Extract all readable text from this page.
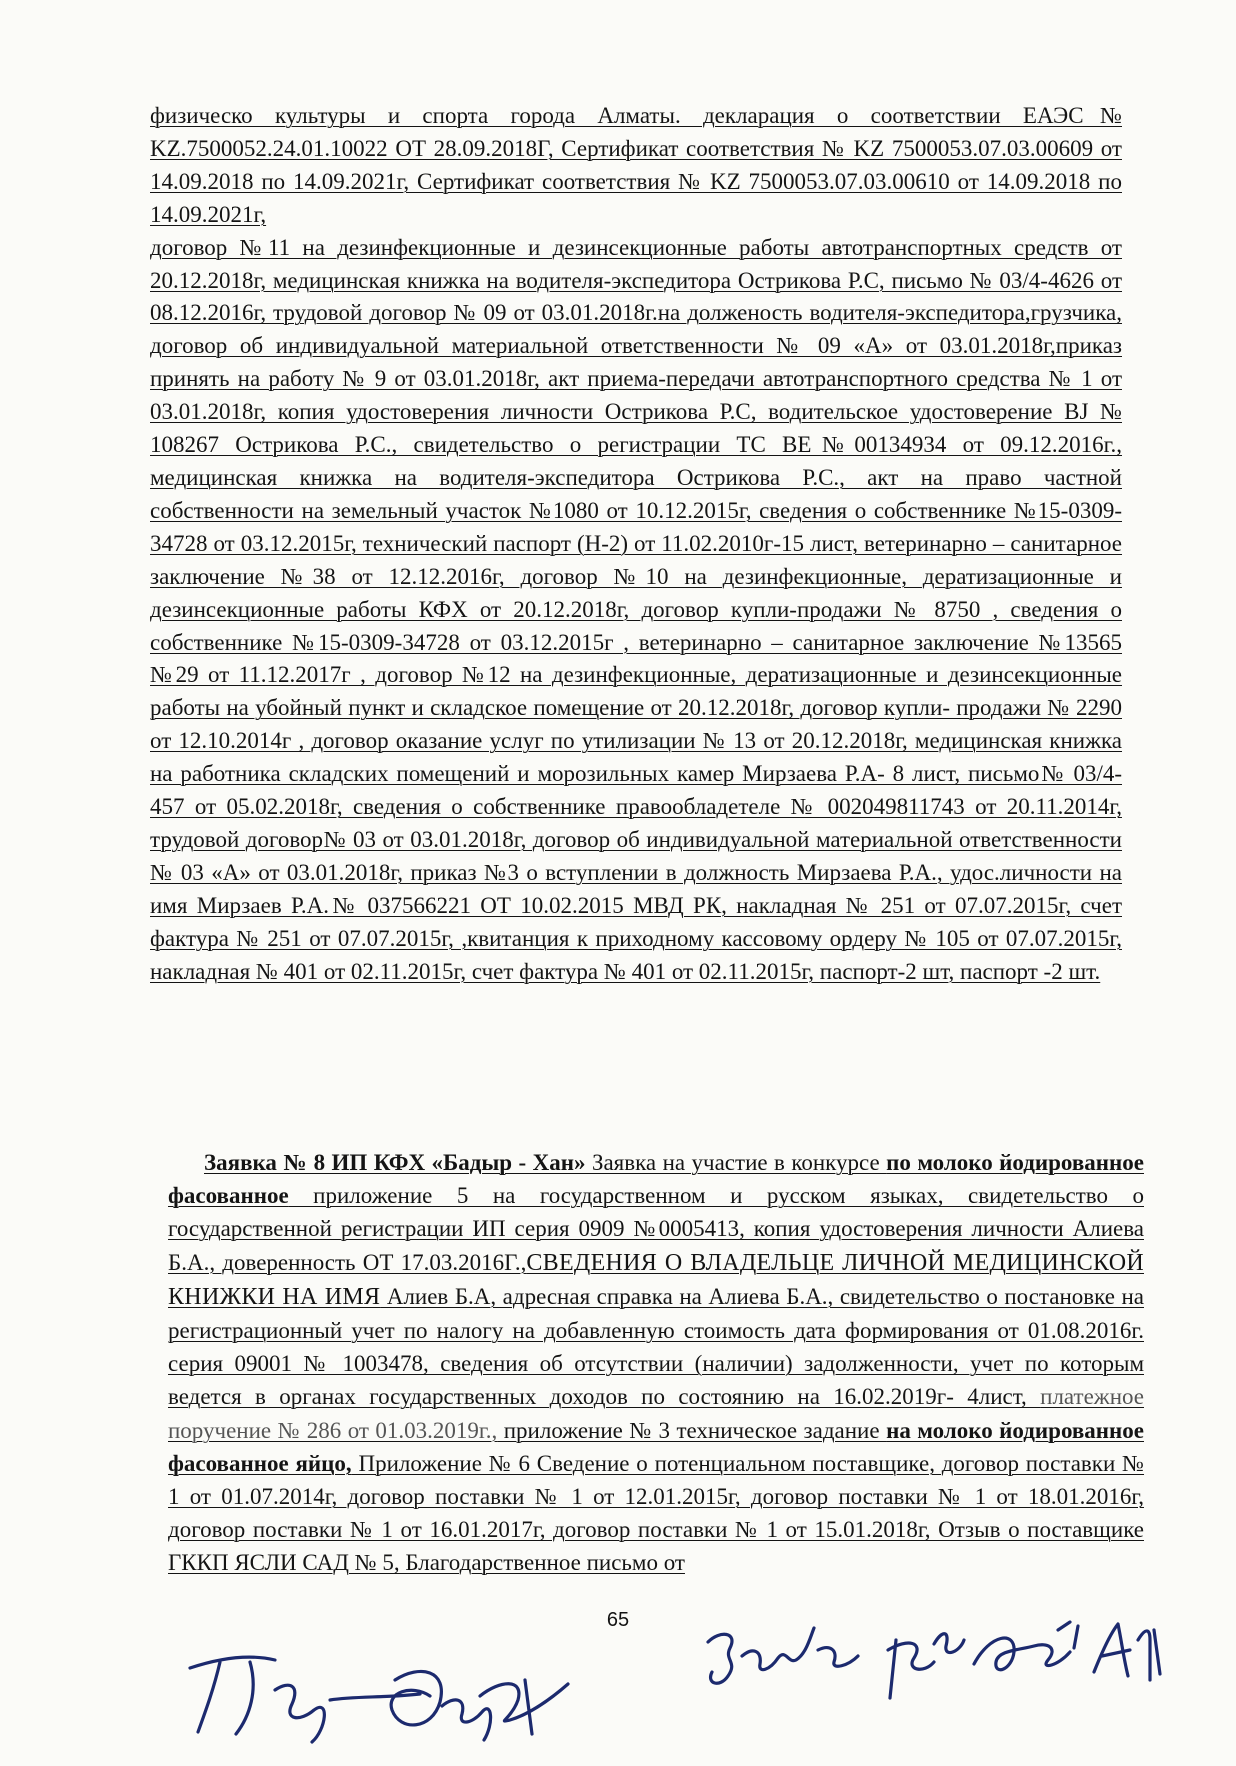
физическо культуры и спорта города Алматы. декларация о соответствии ЕАЭС№ KZ.7500052.24.01.10022 ОТ 28.09.2018Г, Сертификат соответствия № KZ 7500053.07.03.00609 от 14.09.2018 по 14.09.2021г, Сертификат соответствия № KZ 7500053.07.03.00610 от 14.09.2018 по 14.09.2021г,
договор №11 на дезинфекционные и дезинсекционные работы автотранспортных средств от 20.12.2018г, медицинская книжка на водителя-экспедитора Острикова Р.С, письмо № 03/4-4626 от 08.12.2016г, трудовой договор № 09 от 03.01.2018г.на долженость водителя-экспедитора,грузчика, договор об индивидуальной материальной ответственности № 09 «А» от 03.01.2018г,приказ принять на работу № 9 от 03.01.2018г, акт приема-передачи автотранспортного средства № 1 от 03.01.2018г, копия удостоверения личности Острикова Р.С, водительское удостоверение BJ № 108267 Острикова Р.С., свидетельство о регистрации ТС ВЕ№00134934 от 09.12.2016г., медицинская книжка на водителя-экспедитора Острикова Р.С., акт на право частной собственности на земельный участок №1080 от 10.12.2015г, сведения о собственнике №15-0309-34728 от 03.12.2015г, технический паспорт (Н-2) от 11.02.2010г-15 лист, ветеринарно – санитарное заключение №38 от 12.12.2016г, договор №10 на дезинфекционные, дератизационные и дезинсекционные работы КФХ от 20.12.2018г, договор купли-продажи № 8750 , сведения о собственнике №15-0309-34728 от 03.12.2015г , ветеринарно – санитарное заключение №13565 №29 от 11.12.2017г , договор №12 на дезинфекционные, дератизационные и дезинсекционные работы на убойный пункт и складское помещение от 20.12.2018г, договор купли- продажи № 2290 от 12.10.2014г , договор оказание услуг по утилизации № 13 от 20.12.2018г, медицинская книжка на работника складских помещений и морозильных камер Мирзаева Р.А- 8 лист, письмо№ 03/4-457 от 05.02.2018г, сведения о собственнике правообладетеле № 002049811743 от 20.11.2014г, трудовой договор№ 03 от 03.01.2018г, договор об индивидуальной материальной ответственности № 03 «А» от 03.01.2018г, приказ №3 о вступлении в должность Мирзаева Р.А., удос.личности на имя Мирзаев Р.А.№ 037566221 ОТ 10.02.2015 МВД РК, накладная № 251 от 07.07.2015г, счет фактура № 251 от 07.07.2015г, ,квитанция к приходному кассовому ордеру № 105 от 07.07.2015г, накладная № 401 от 02.11.2015г, счет фактура № 401 от 02.11.2015г, паспорт-2 шт, паспорт -2 шт.
Заявка № 8 ИП КФХ «Бадыр - Хан» Заявка на участие в конкурсе по молоко йодированное фасованное приложение 5 на государственном и русском языках, свидетельство о государственной регистрации ИП серия 0909 №0005413, копия удостоверения личности Алиева Б.А., доверенность ОТ 17.03.2016Г.,СВЕДЕНИЯ О ВЛАДЕЛЬЦЕ ЛИЧНОЙ МЕДИЦИНСКОЙ КНИЖКИ НА ИМЯ Алиев Б.А, адресная справка на Алиева Б.А., свидетельство о постановке на регистрационный учет по налогу на добавленную стоимость дата формирования от 01.08.2016г. серия 09001 № 1003478, сведения об отсутствии (наличии) задолженности, учет по которым ведется в органах государственных доходов по состоянию на 16.02.2019г- 4лист, платежное поручение № 286 от 01.03.2019г., приложение № 3 техническое задание на молоко йодированное фасованное яйцо, Приложение № 6 Сведение о потенциальном поставщике, договор поставки № 1 от 01.07.2014г, договор поставки № 1 от 12.01.2015г, договор поставки № 1 от 18.01.2016г, договор поставки № 1 от 16.01.2017г, договор поставки № 1 от 15.01.2018г, Отзыв о поставщике ГККП ЯСЛИ САД № 5, Благодарственное письмо от
65
